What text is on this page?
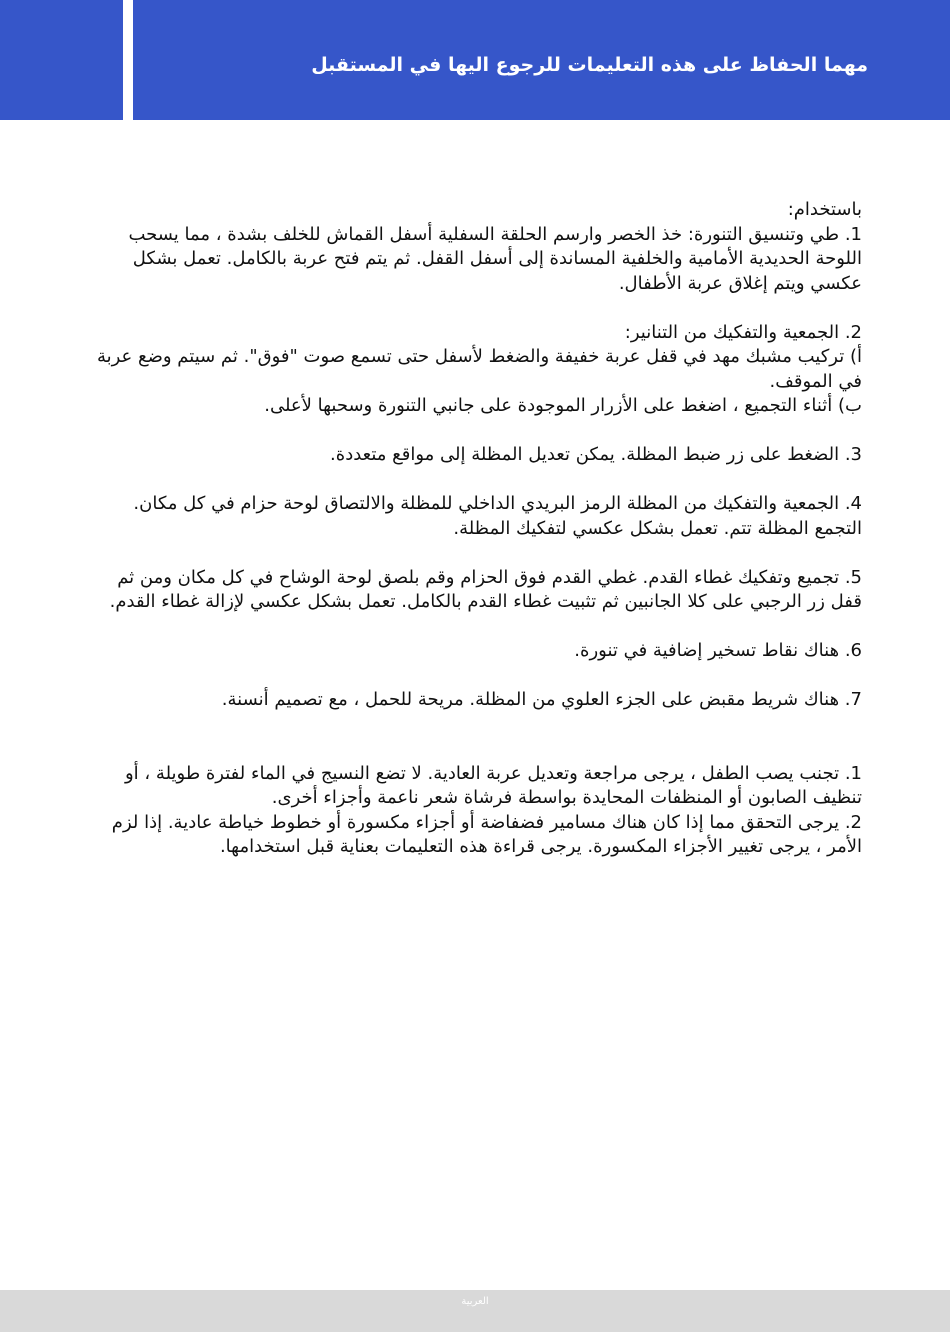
مهما الحفاظ على هذه التعليمات للرجوع اليها في المستقبل

باستخدام:

1. طي وتنسيق التنورة: خذ الخصر وارسم الحلقة السفلية أسفل القماش للخلف بشدة ، مما يسحب اللوحة الحديدية الأمامية والخلفية المساندة إلى أسفل القفل. ثم يتم فتح عربة بالكامل. تعمل بشكل عكسي ويتم إغلاق عربة الأطفال.

2. الجمعية والتفكيك من التنانير:

أ) تركيب مشبك مهد في قفل عربة خفيفة والضغط لأسفل حتى تسمع صوت "فوق". ثم سيتم وضع عربة في الموقف.

ب) أثناء التجميع ، اضغط على الأزرار الموجودة على جانبي التنورة وسحبها لأعلى.

3. الضغط على زر ضبط المظلة. يمكن تعديل المظلة إلى مواقع متعددة.

4. الجمعية والتفكيك من المظلة الرمز البريدي الداخلي للمظلة والالتصاق لوحة حزام في كل مكان. التجمع المظلة تتم. تعمل بشكل عكسي لتفكيك المظلة.

5. تجميع وتفكيك غطاء القدم. غطي القدم فوق الحزام وقم بلصق لوحة الوشاح في كل مكان ومن ثم قفل زر الرجبي على كلا الجانبين ثم تثبيت غطاء القدم بالكامل. تعمل بشكل عكسي لإزالة غطاء القدم.

6. هناك نقاط تسخير إضافية في تنورة.

7. هناك شريط مقبض على الجزء العلوي من المظلة. مريحة للحمل ، مع تصميم أنسنة.

1. تجنب يصب الطفل ، يرجى مراجعة وتعديل عربة العادية. لا تضع النسيج في الماء لفترة طويلة ، أو تنظيف الصابون أو المنظفات المحايدة بواسطة فرشاة شعر ناعمة وأجزاء أخرى.

2. يرجى التحقق مما إذا كان هناك مسامير فضفاضة أو أجزاء مكسورة أو خطوط خياطة عادية. إذا لزم الأمر ، يرجى تغيير الأجزاء المكسورة. يرجى قراءة هذه التعليمات بعناية قبل استخدامها.

العربية
